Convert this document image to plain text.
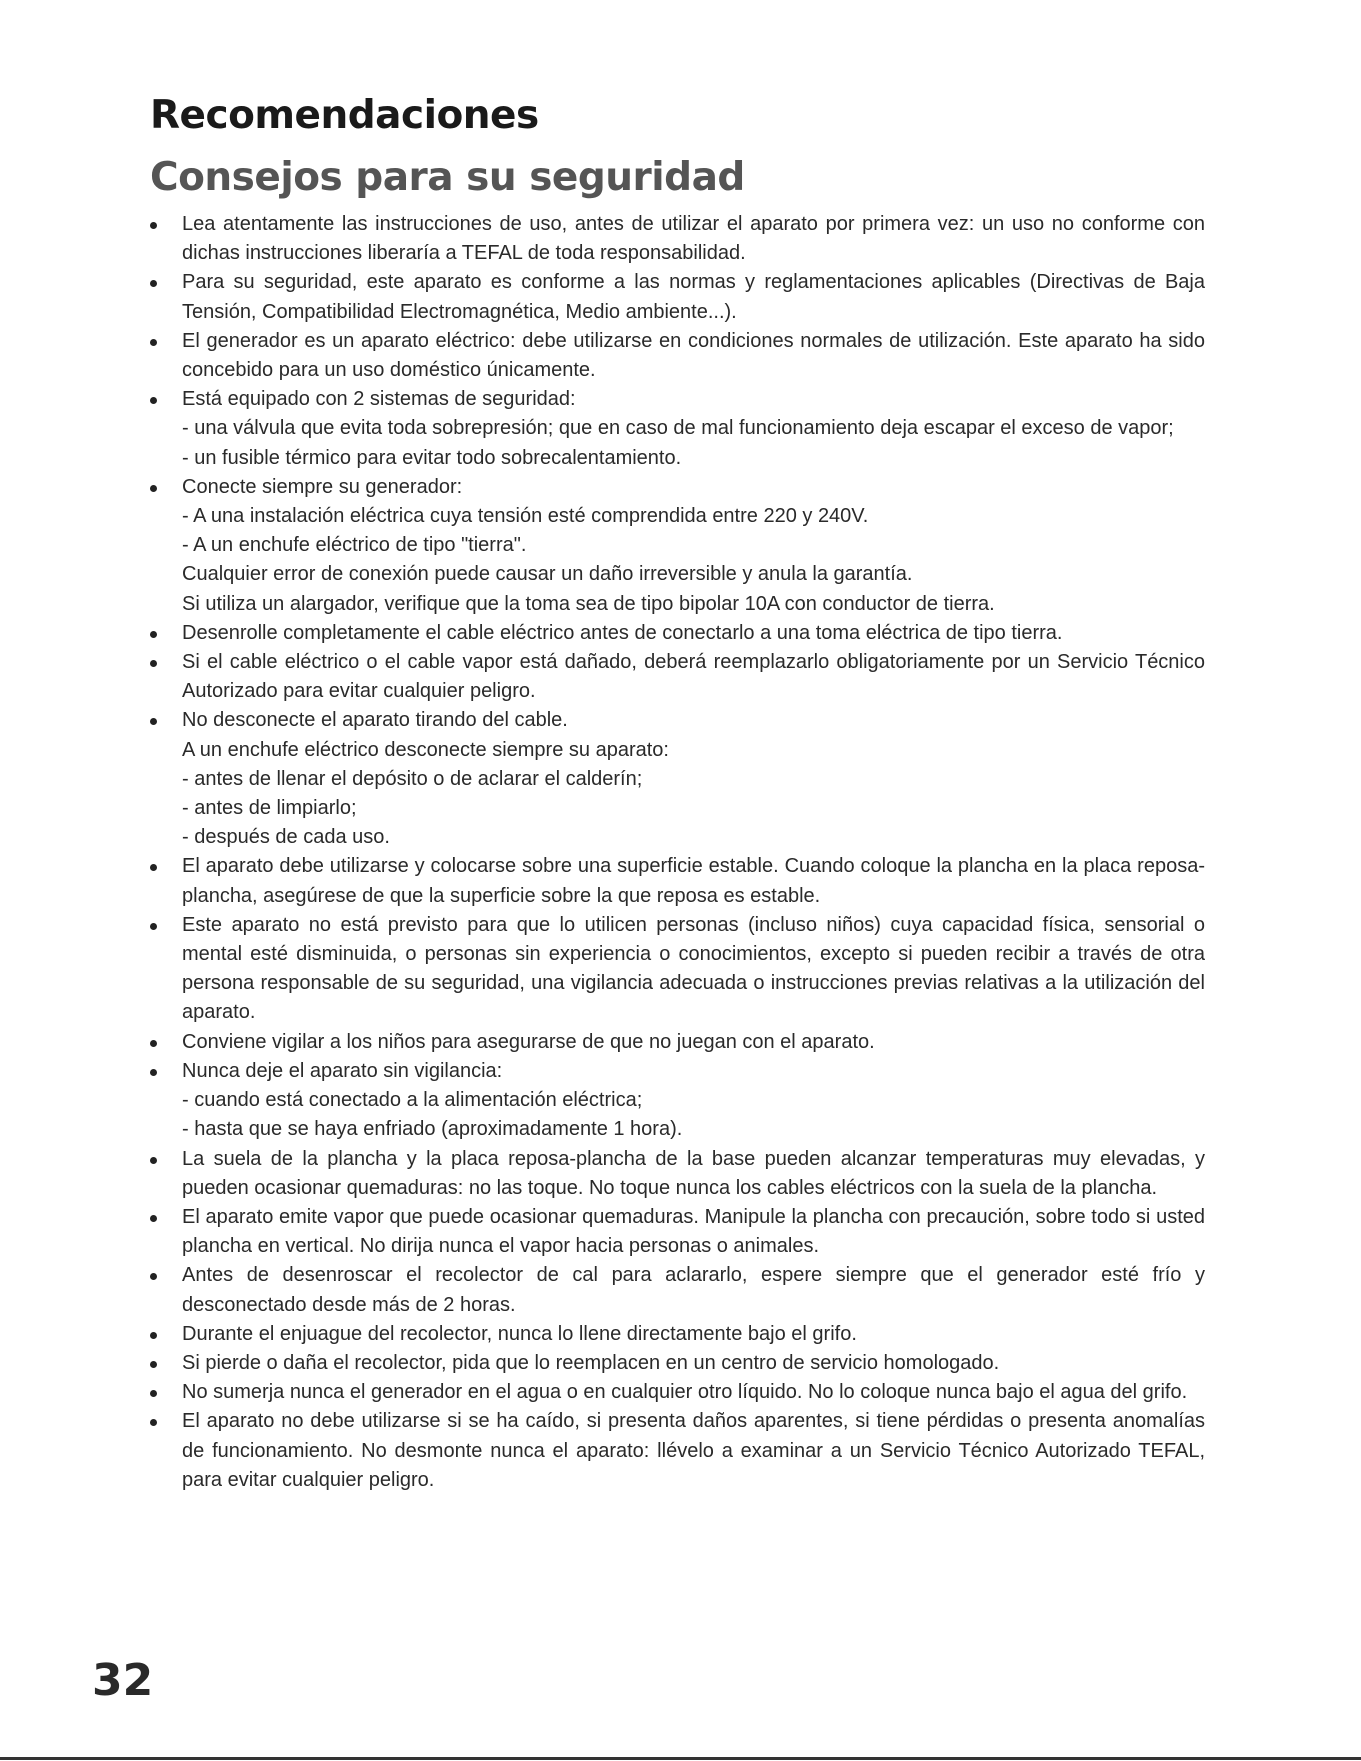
Recomendaciones
Consejos para su seguridad
Lea atentamente las instrucciones de uso, antes de utilizar el aparato por primera vez: un uso no conforme con dichas instrucciones liberaría a TEFAL de toda responsabilidad.
Para su seguridad, este aparato es conforme a las normas y reglamentaciones aplicables (Directivas de Baja Tensión, Compatibilidad Electromagnética, Medio ambiente...).
El generador es un aparato eléctrico: debe utilizarse en condiciones normales de utilización. Este aparato ha sido concebido para un uso doméstico únicamente.
Está equipado con 2 sistemas de seguridad:
- una válvula que evita toda sobrepresión; que en caso de mal funcionamiento deja escapar el exceso de vapor;
- un fusible térmico para evitar todo sobrecalentamiento.
Conecte siempre su generador:
- A una instalación eléctrica cuya tensión esté comprendida entre 220 y 240V.
- A un enchufe eléctrico de tipo "tierra".
Cualquier error de conexión puede causar un daño irreversible y anula la garantía.
Si utiliza un alargador, verifique que la toma sea de tipo bipolar 10A con conductor de tierra.
Desenrolle completamente el cable eléctrico antes de conectarlo a una toma eléctrica de tipo tierra.
Si el cable eléctrico o el cable vapor está dañado, deberá reemplazarlo obligatoriamente por un Servicio Técnico Autorizado para evitar cualquier peligro.
No desconecte el aparato tirando del cable.
A un enchufe eléctrico desconecte siempre su aparato:
- antes de llenar el depósito o de aclarar el calderín;
- antes de limpiarlo;
- después de cada uso.
El aparato debe utilizarse y colocarse sobre una superficie estable. Cuando coloque la plancha en la placa reposa-plancha, asegúrese de que la superficie sobre la que reposa es estable.
Este aparato no está previsto para que lo utilicen personas (incluso niños) cuya capacidad física, sensorial o mental esté disminuida, o personas sin experiencia o conocimientos, excepto si pueden recibir a través de otra persona responsable de su seguridad, una vigilancia adecuada o instrucciones previas relativas a la utilización del aparato.
Conviene vigilar a los niños para asegurarse de que no juegan con el aparato.
Nunca deje el aparato sin vigilancia:
- cuando está conectado a la alimentación eléctrica;
- hasta que se haya enfriado (aproximadamente 1 hora).
La suela de la plancha y la placa reposa-plancha de la base pueden alcanzar temperaturas muy elevadas, y pueden ocasionar quemaduras: no las toque. No toque nunca los cables eléctricos con la suela de la plancha.
El aparato emite vapor que puede ocasionar quemaduras. Manipule la plancha con precaución, sobre todo si usted plancha en vertical. No dirija nunca el vapor hacia personas o animales.
Antes de desenroscar el recolector de cal para aclararlo, espere siempre que el generador esté frío y desconectado desde más de 2 horas.
Durante el enjuague del recolector, nunca lo llene directamente bajo el grifo.
Si pierde o daña el recolector, pida que lo reemplacen en un centro de servicio homologado.
No sumerja nunca el generador en el agua o en cualquier otro líquido. No lo coloque nunca bajo el agua del grifo.
El aparato no debe utilizarse si se ha caído, si presenta daños aparentes, si tiene pérdidas o presenta anomalías de funcionamiento. No desmonte nunca el aparato: llévelo a examinar a un Servicio Técnico Autorizado TEFAL, para evitar cualquier peligro.
32
